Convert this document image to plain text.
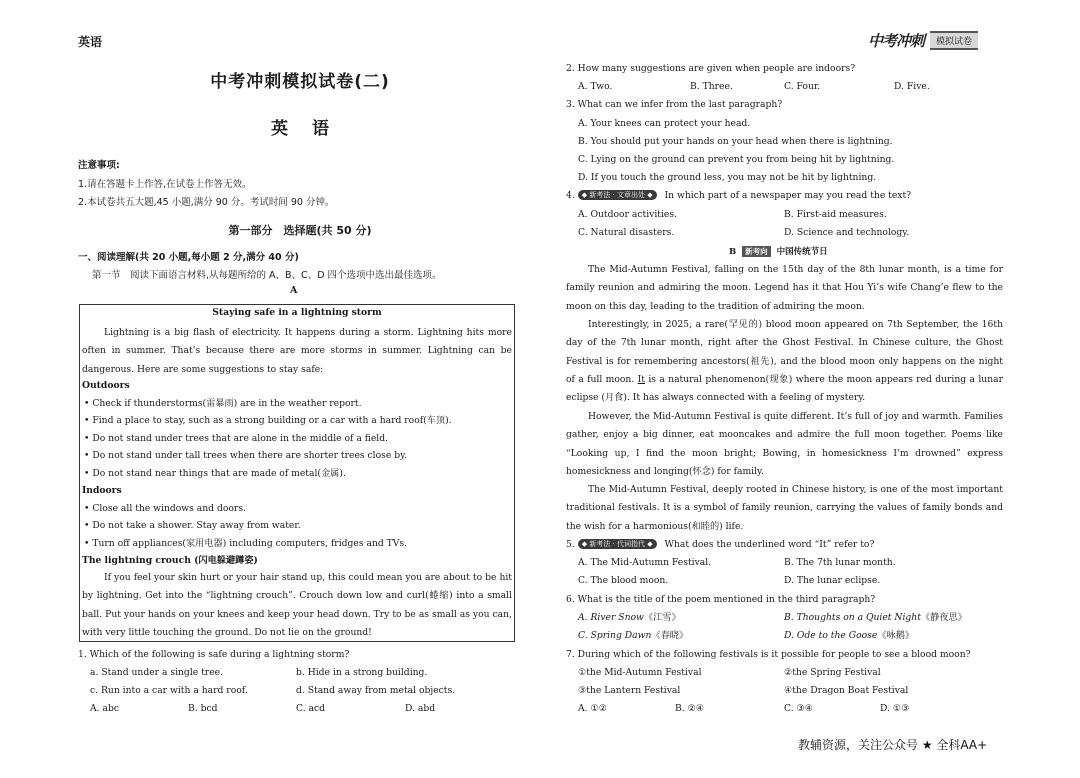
英语	中考冲刺	模拟试卷
中考冲刺模拟试卷(二)
英 语
注意事项:
1.请在答题卡上作答,在试卷上作答无效。
2.本试卷共五大题,45 小题,满分 90 分。考试时间 90 分钟。
第一部分　选择题(共 50 分)
一、阅读理解(共 20 小题,每小题 2 分,满分 40 分)
第一节　阅读下面语言材料,从每题所给的 A、B、C、D 四个选项中选出最佳选项。
A
Staying safe in a lightning storm
Lightning is a big flash of electricity. It happens during a storm. Lightning hits more often in summer. That’s because there are more storms in summer. Lightning can be dangerous. Here are some suggestions to stay safe:
Outdoors
• Check if thunderstorms(雷暴雨) are in the weather report.
• Find a place to stay, such as a strong building or a car with a hard roof(车顶).
• Do not stand under trees that are alone in the middle of a field.
• Do not stand under tall trees when there are shorter trees close by.
• Do not stand near things that are made of metal(金属).
Indoors
• Close all the windows and doors.
• Do not take a shower. Stay away from water.
• Turn off appliances(家用电器) including computers, fridges and TVs.
The lightning crouch (闪电躲避蹲姿)
If you feel your skin hurt or your hair stand up, this could mean you are about to be hit by lightning. Get into the “lightning crouch”. Crouch down low and curl(蜷缩) into a small ball. Put your hands on your knees and keep your head down. Try to be as small as you can, with very little touching the ground. Do not lie on the ground!
1. Which of the following is safe during a lightning storm?
a. Stand under a single tree.	b. Hide in a strong building.
c. Run into a car with a hard roof.	d. Stand away from metal objects.
A. abc	B. bcd	C. acd	D. abd
2. How many suggestions are given when people are indoors?
A. Two.	B. Three.	C. Four.	D. Five.
3. What can we infer from the last paragraph?
A. Your knees can protect your head.
B. You should put your hands on your head when there is lightning.
C. Lying on the ground can prevent you from being hit by lightning.
D. If you touch the ground less, you may not be hit by lightning.
4. ◆ 新考法 · 文章出处 ◆ In which part of a newspaper may you read the text?
A. Outdoor activities.	B. First-aid measures.
C. Natural disasters.	D. Science and technology.
B 新考向 中国传统节日
The Mid-Autumn Festival, falling on the 15th day of the 8th lunar month, is a time for family reunion and admiring the moon. Legend has it that Hou Yi’s wife Chang’e flew to the moon on this day, leading to the tradition of admiring the moon.
Interestingly, in 2025, a rare(罕见的) blood moon appeared on 7th September, the 16th day of the 7th lunar month, right after the Ghost Festival. In Chinese culture, the Ghost Festival is for remembering ancestors(祖先), and the blood moon only happens on the night of a full moon. It is a natural phenomenon(现象) where the moon appears red during a lunar eclipse (月食). It has always connected with a feeling of mystery.
However, the Mid-Autumn Festival is quite different. It’s full of joy and warmth. Families gather, enjoy a big dinner, eat mooncakes and admire the full moon together. Poems like “Looking up, I find the moon bright; Bowing, in homesickness I’m drowned” express homesickness and longing(怀念) for family.
The Mid-Autumn Festival, deeply rooted in Chinese history, is one of the most important traditional festivals. It is a symbol of family reunion, carrying the values of family bonds and the wish for a harmonious(和睦的) life.
5. ◆ 新考法 · 代词指代 ◆ What does the underlined word “It” refer to?
A. The Mid-Autumn Festival.	B. The 7th lunar month.
C. The blood moon.	D. The lunar eclipse.
6. What is the title of the poem mentioned in the third paragraph?
A. River Snow《江雪》	B. Thoughts on a Quiet Night《静夜思》
C. Spring Dawn《春晓》	D. Ode to the Goose《咏鹅》
7. During which of the following festivals is it possible for people to see a blood moon?
①the Mid-Autumn Festival	②the Spring Festival
③the Lantern Festival	④the Dragon Boat Festival
A. ①②	B. ②④	C. ③④	D. ①③
教辅资源，关注公众号 ★ 全科AA+
